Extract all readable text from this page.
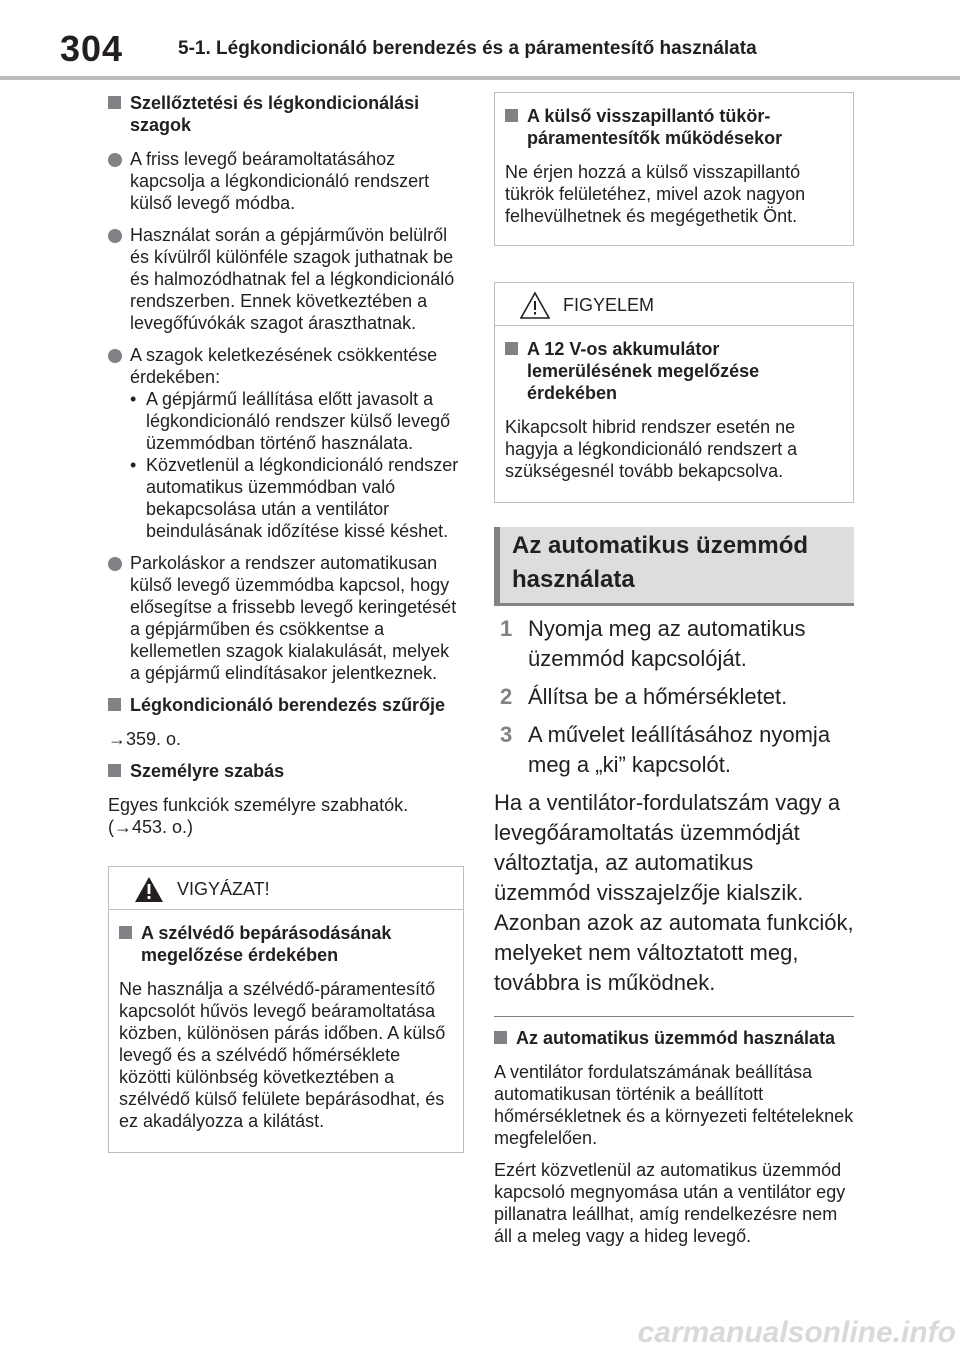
304	5-1. Légkondicionáló berendezés és a páramentesítő használata
Szellőztetési és légkondicionálási szagok
A friss levegő beáramoltatásához kapcsolja a légkondicionáló rendszert külső levegő módba.
Használat során a gépjárművön belülről és kívülről különféle szagok juthatnak be és halmozódhatnak fel a légkondicionáló rendszerben. Ennek következtében a levegőfúvókák szagot áraszthatnak.
A szagok keletkezésének csökkentése érdekében:
• A gépjármű leállítása előtt javasolt a légkondicionáló rendszer külső levegő üzemmódban történő használata.
• Közvetlenül a légkondicionáló rendszer automatikus üzemmódban való bekapcsolása után a ventilátor beindulásának időzítése kissé késhet.
Parkoláskor a rendszer automatikusan külső levegő üzemmódba kapcsol, hogy elősegítse a frissebb levegő keringetését a gépjárműben és csökkentse a kellemetlen szagok kialakulását, melyek a gépjármű elindításakor jelentkeznek.
Légkondicionáló berendezés szűrője
→359. o.
Személyre szabás
Egyes funkciók személyre szabhatók. (→453. o.)
VIGYÁZAT!
A szélvédő bepárásodásának megelőzése érdekében
Ne használja a szélvédő-páramentesítő kapcsolót hűvös levegő beáramoltatása közben, különösen párás időben. A külső levegő és a szélvédő hőmérséklete közötti különbség következtében a szélvédő külső felülete bepárásodhat, és ez akadályozza a kilátást.
A külső visszapillantó tükör-páramentesítők működésekor
Ne érjen hozzá a külső visszapillantó tükrök felületéhez, mivel azok nagyon felhevülhetnek és megégethetik Önt.
FIGYELEM
A 12 V-os akkumulátor lemerülésének megelőzése érdekében
Kikapcsolt hibrid rendszer esetén ne hagyja a légkondicionáló rendszert a szükségesnél tovább bekapcsolva.
Az automatikus üzemmód használata
1 Nyomja meg az automatikus üzemmód kapcsolóját.
2 Állítsa be a hőmérsékletet.
3 A művelet leállításához nyomja meg a „ki” kapcsolót.
Ha a ventilátor-fordulatszám vagy a levegőáramoltatás üzemmódját változtatja, az automatikus üzemmód visszajelzője kialszik. Azonban azok az automata funkciók, melyeket nem változtatott meg, továbbra is működnek.
Az automatikus üzemmód használata
A ventilátor fordulatszámának beállítása automatikusan történik a beállított hőmérsékletnek és a környezeti feltételeknek megfelelően.
Ezért közvetlenül az automatikus üzemmód kapcsoló megnyomása után a ventilátor egy pillanatra leállhat, amíg rendelkezésre nem áll a meleg vagy a hideg levegő.
carmanualsonline.info
